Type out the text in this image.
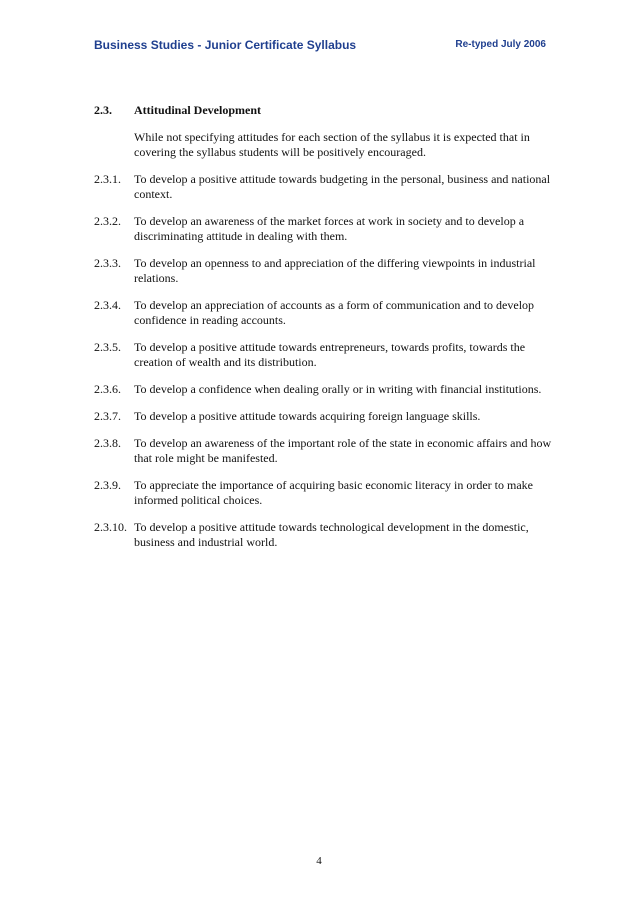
Business Studies - Junior Certificate Syllabus	Re-typed July 2006
2.3.	Attitudinal Development
While not specifying attitudes for each section of the syllabus it is expected that in covering the syllabus students will be positively encouraged.
2.3.1.	To develop a positive attitude towards budgeting in the personal, business and national context.
2.3.2.	To develop an awareness of the market forces at work in society and to develop a discriminating attitude in dealing with them.
2.3.3.	To develop an openness to and appreciation of the differing viewpoints in industrial relations.
2.3.4.	To develop an appreciation of accounts as a form of communication and to develop confidence in reading accounts.
2.3.5.	To develop a positive attitude towards entrepreneurs, towards profits, towards the creation of wealth and its distribution.
2.3.6.	To develop a confidence when dealing orally or in writing with financial institutions.
2.3.7.	To develop a positive attitude towards acquiring foreign language skills.
2.3.8.	To develop an awareness of the important role of the state in economic affairs and how that role might be manifested.
2.3.9.	To appreciate the importance of acquiring basic economic literacy in order to make informed political choices.
2.3.10. To develop a positive attitude towards technological development in the domestic, business and industrial world.
4
